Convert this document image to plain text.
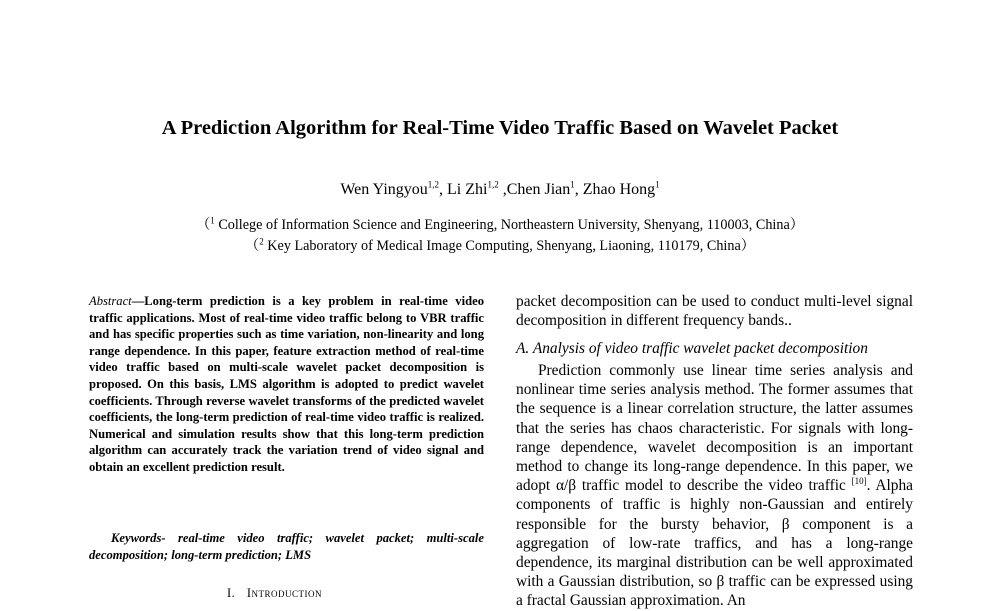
A Prediction Algorithm for Real-Time Video Traffic Based on Wavelet Packet
Wen Yingyou$^{1,2}$, Li Zhi$^{1,2}$ ,Chen Jian$^1$, Zhao Hong$^1$
（$^1$ College of Information Science and Engineering, Northeastern University, Shenyang, 110003, China）
（$^2$ Key Laboratory of Medical Image Computing, Shenyang, Liaoning, 110179, China）
Abstract—Long-term prediction is a key problem in real-time video traffic applications. Most of real-time video traffic belong to VBR traffic and has specific properties such as time variation, non-linearity and long range dependence. In this paper, feature extraction method of real-time video traffic based on multi-scale wavelet packet decomposition is proposed. On this basis, LMS algorithm is adopted to predict wavelet coefficients. Through reverse wavelet transforms of the predicted wavelet coefficients, the long-term prediction of real-time video traffic is realized. Numerical and simulation results show that this long-term prediction algorithm can accurately track the variation trend of video signal and obtain an excellent prediction result.
Keywords- real-time video traffic; wavelet packet; multi-scale decomposition; long-term prediction; LMS
I. Introduction
packet decomposition can be used to conduct multi-level signal decomposition in different frequency bands..
A. Analysis of video traffic wavelet packet decomposition
Prediction commonly use linear time series analysis and nonlinear time series analysis method. The former assumes that the sequence is a linear correlation structure, the latter assumes that the series has chaos characteristic. For signals with long-range dependence, wavelet decomposition is an important method to change its long-range dependence. In this paper, we adopt α/β traffic model to describe the video traffic [10]. Alpha components of traffic is highly non-Gaussian and entirely responsible for the bursty behavior, β component is a aggregation of low-rate traffics, and has a long-range dependence, its marginal distribution can be well approximated with a Gaussian distribution, so β traffic can be expressed using a fractal Gaussian approximation. An
